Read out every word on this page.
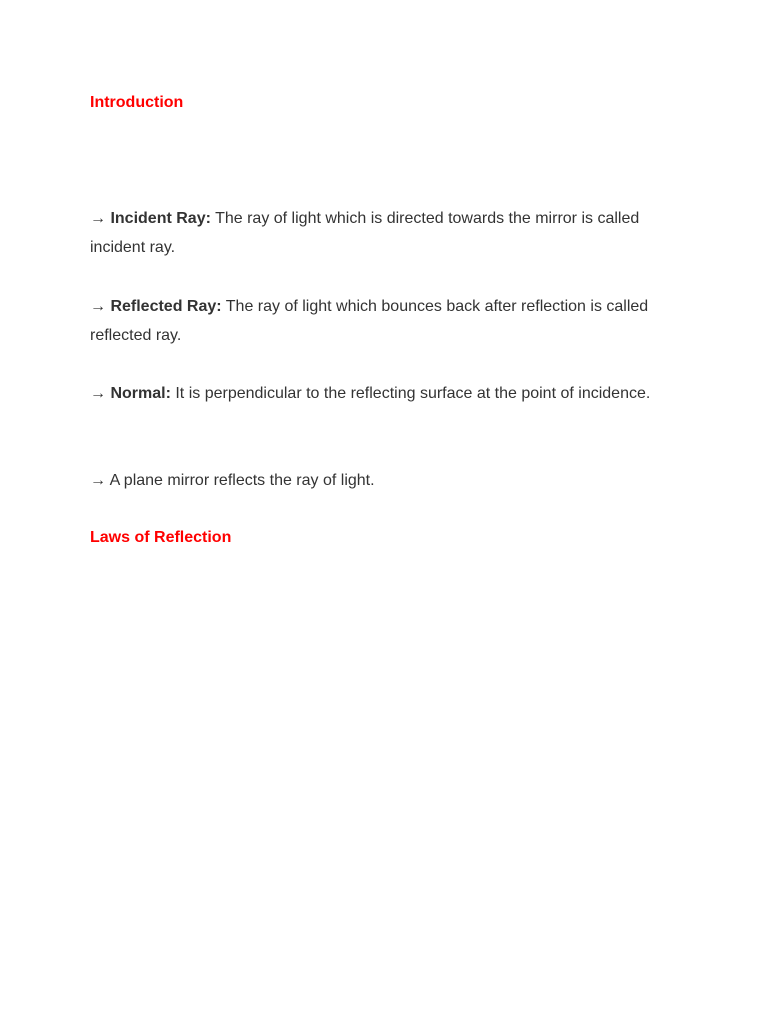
Introduction

→ Incident Ray: The ray of light which is directed towards the mirror is called incident ray.

→ Reflected Ray: The ray of light which bounces back after reflection is called reflected ray.

→ Normal: It is perpendicular to the reflecting surface at the point of incidence.

→ A plane mirror reflects the ray of light.

Laws of Reflection
